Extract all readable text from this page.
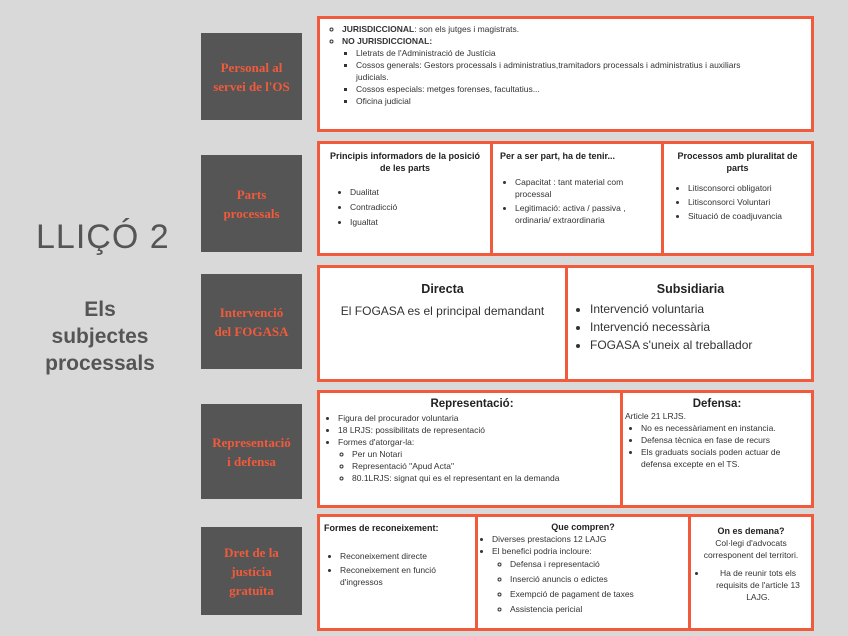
LLIÇÓ 2
Els
subjectes
processals
Personal al
servei de l'OS
◦ JURISDICCIONAL: son els jutges i magistrats.
◦ NO JURISDICCIONAL:
▪ Lletrats de l'Administració de Justícia
▪ Cossos generals: Gestors processals i administratius,tramitadors processals i administratius i auxiliars judicials.
▪ Cossos especials: metges forenses, facultatius...
▪ Oficina judicial
Parts
processals
Principis informadors de la posició de les parts
• Dualitat
• Contradicció
• Igualtat
Per a ser part, ha de tenir...
• Capacitat : tant material com processal
• Legitimació: activa / passiva , ordinaria/ extraordinaria
Processos amb pluralitat de parts
• Litisconsorci obligatori
• Litisconsorci Voluntari
• Situació de coadjuvancia
Intervenció
del FOGASA
Directa
El FOGASA es el principal demandant
Subsidiaria
• Intervenció voluntaria
• Intervenció necessària
• FOGASA s'uneix al treballador
Representació
i defensa
Representació:
• Figura del procurador voluntaria
• 18 LRJS: possibilitats de representació
• Formes d'atorgar-la:
◦ Per un Notari
◦ Representació "Apud Acta"
◦ 80.1LRJS: signat qui es el representant en la demanda
Defensa:
Article 21 LRJS.
• No es necessàriament en instancia.
• Defensa tècnica en fase de recurs
• Els graduats socials poden actuar de defensa excepte en el TS.
Dret de la
justícia
gratuïta
Formes de reconeixement:
• Reconeixement directe
• Reconeixement en funció d'ingressos
Que compren?
• Diverses prestacions 12 LAJG
• El benefici podria incloure:
◦ Defensa i representació
◦ Inserció anuncis o edictes
◦ Exempció de pagament de taxes
◦ Assistencia pericial
On es demana?
Col·legi d'advocats corresponent del territori.
• Ha de reunir tots els requisits de l'article 13 LAJG.
